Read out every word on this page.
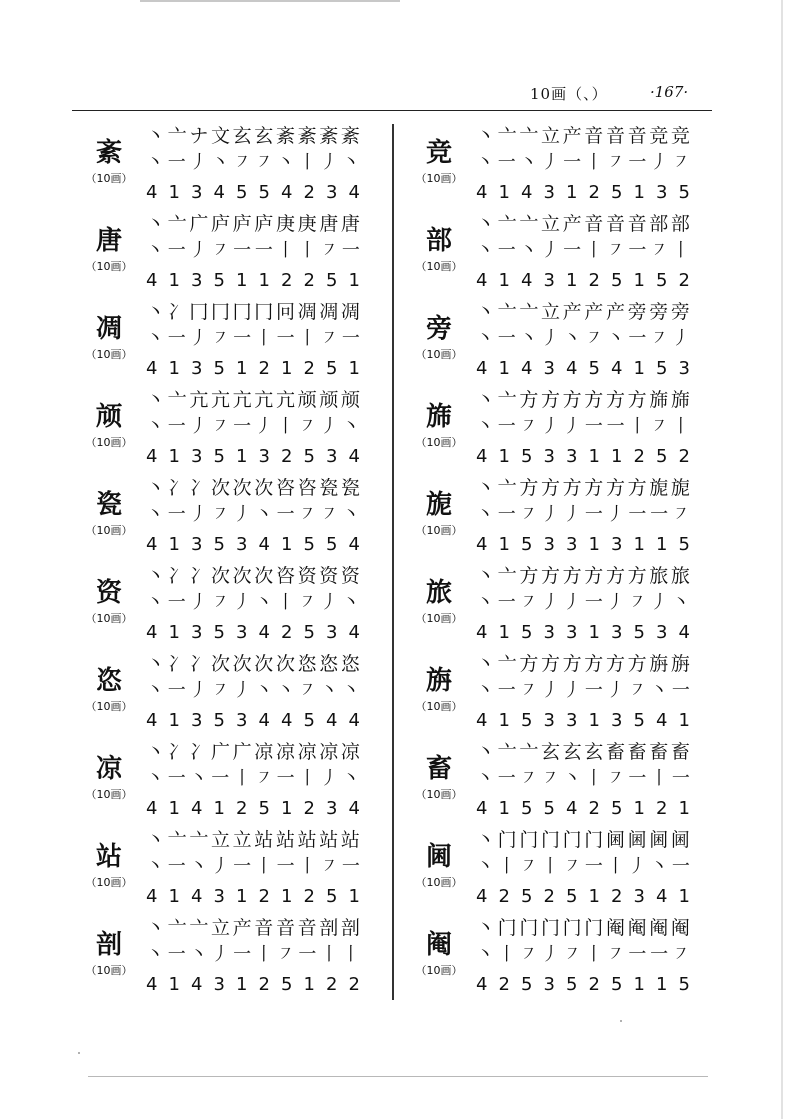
10画（、）	·167·
紊
（10画）
丶 亠 ナ 文 玄 玄 紊 紊 紊 紊
丶 一 丿 丶 ㇇ ㇇ 丶 丨 丿 丶
4 1 3 4 5 5 4 2 3 4
唐
（10画）
丶 亠 广 庐 庐 庐 庚 庚 唐 唐
丶 一 丿 ㇇ 一 一 丨 丨 ㇇ 一
4 1 3 5 1 1 2 2 5 1
凋
（10画）
丶 冫 冂 冂 冂 冂 冋 凋 凋 凋
丶 一 丿 ㇇ 一 丨 一 丨 ㇇ 一
4 1 3 5 1 2 1 2 5 1
颃
（10画）
丶 亠 亢 亢 亢 亢 亢 颃 颃 颃
丶 一 丿 ㇇ 一 丿 丨 ㇇ 丿 丶
4 1 3 5 1 3 2 5 3 4
瓷
（10画）
丶 冫 冫 次 次 次 咨 咨 瓷 瓷
丶 一 丿 ㇇ 丿 丶 一 ㇇ ㇇ 丶
4 1 3 5 3 4 1 5 5 4
资
（10画）
丶 冫 冫 次 次 次 咨 资 资 资
丶 一 丿 ㇇ 丿 丶 丨 ㇇ 丿 丶
4 1 3 5 3 4 2 5 3 4
恣
（10画）
丶 冫 冫 次 次 次 次 恣 恣 恣
丶 一 丿 ㇇ 丿 丶 丶 ㇇ 丶 丶
4 1 3 5 3 4 4 5 4 4
凉
（10画）
丶 冫 冫 广 广 凉 凉 凉 凉 凉
丶 一 丶 一 丨 ㇇ 一 丨 丿 丶
4 1 4 1 2 5 1 2 3 4
站
（10画）
丶 亠 亠 立 立 站 站 站 站 站
丶 一 丶 丿 一 丨 一 丨 ㇇ 一
4 1 4 3 1 2 1 2 5 1
剖
（10画）
丶 亠 亠 立 产 音 音 音 剖 剖
丶 一 丶 丿 一 丨 ㇇ 一 丨 丨
4 1 4 3 1 2 5 1 2 2
竞
（10画）
丶 亠 亠 立 产 音 音 音 竞 竞
丶 一 丶 丿 一 丨 ㇇ 一 丿 ㇇
4 1 4 3 1 2 5 1 3 5
部
（10画）
丶 亠 亠 立 产 音 音 音 部 部
丶 一 丶 丿 一 丨 ㇇ 一 ㇇ 丨
4 1 4 3 1 2 5 1 5 2
旁
（10画）
丶 亠 亠 立 产 产 产 旁 旁 旁
丶 一 丶 丿 丶 ㇇ 丶 一 ㇇ 丿
4 1 4 3 4 5 4 1 5 3
旆
（10画）
丶 亠 方 方 方 方 方 方 旆 旆
丶 一 ㇇ 丿 丿 一 一 丨 ㇇ 丨
4 1 5 3 3 1 1 2 5 2
旎
（10画）
丶 亠 方 方 方 方 方 方 旎 旎
丶 一 ㇇ 丿 丿 一 丿 一 一 ㇇
4 1 5 3 3 1 3 1 1 5
旅
（10画）
丶 亠 方 方 方 方 方 方 旅 旅
丶 一 ㇇ 丿 丿 一 丿 ㇇ 丿 丶
4 1 5 3 3 1 3 5 3 4
旃
（10画）
丶 亠 方 方 方 方 方 方 旃 旃
丶 一 ㇇ 丿 丿 一 丿 ㇇ 丶 一
4 1 5 3 3 1 3 5 4 1
畜
（10画）
丶 亠 亠 玄 玄 玄 畜 畜 畜 畜
丶 一 ㇇ ㇇ 丶 丨 ㇇ 一 丨 一
4 1 5 5 4 2 5 1 2 1
阃
（10画）
丶 门 门 门 门 门 阃 阃 阃 阃
丶 丨 ㇇ 丨 ㇇ 一 丨 丿 丶 一
4 2 5 2 5 1 2 3 4 1
阉
（10画）
丶 门 门 门 门 门 阉 阉 阉 阉
丶 丨 ㇇ 丿 ㇇ 丨 ㇇ 一 一 ㇇
4 2 5 3 5 2 5 1 1 5
